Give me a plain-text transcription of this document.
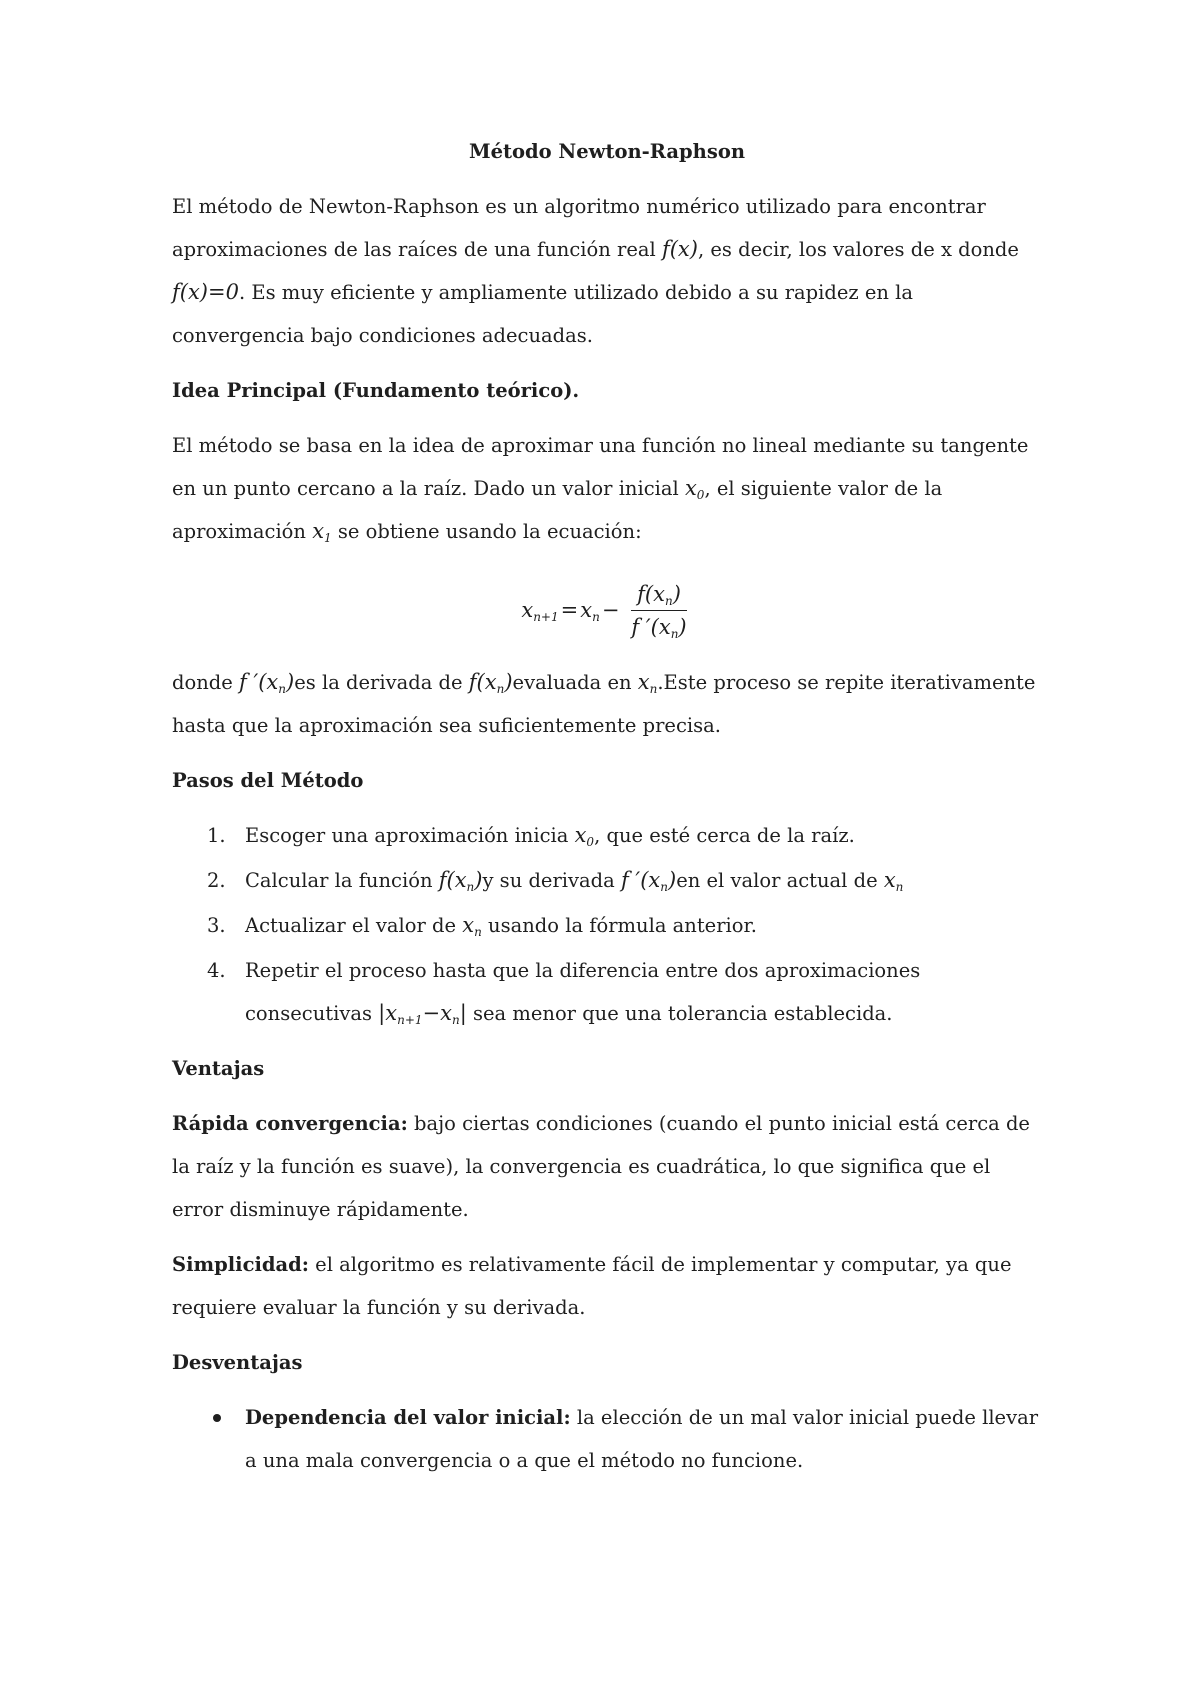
Método Newton-Raphson

El método de Newton-Raphson es un algoritmo numérico utilizado para encontrar aproximaciones de las raíces de una función real f(x), es decir, los valores de x donde f(x)=0. Es muy eficiente y ampliamente utilizado debido a su rapidez en la convergencia bajo condiciones adecuadas.

Idea Principal (Fundamento teórico).

El método se basa en la idea de aproximar una función no lineal mediante su tangente en un punto cercano a la raíz. Dado un valor inicial $x_0$, el siguiente valor de la aproximación $x_1$ se obtiene usando la ecuación:

$x_{n+1} = x_n - \frac{f(x_n)}{f '(x_n)}$

donde f $'(x_n)es$ la derivada de $f(x_n)evaluada$ en $x_n.Este$ proceso se repite iterativamente hasta que la aproximación sea suficientemente precisa.

Pasos del Método
1. Escoger una aproximación inicia $x_0$, que esté cerca de la raíz.
2. Calcular la función $f(x_n)y$ su derivada f $'(x_n)en$ el valor actual de $x_n$
3. Actualizar el valor de $x_n$ usando la fórmula anterior.
4. Repetir el proceso hasta que la diferencia entre dos aproximaciones consecutivas $|x_{n+1}-x_n|$ sea menor que una tolerancia establecida.
Ventajas

Rápida convergencia: bajo ciertas condiciones (cuando el punto inicial está cerca de la raíz y la función es suave), la convergencia es cuadrática, lo que significa que el error disminuye rápidamente.

Simplicidad: el algoritmo es relativamente fácil de implementar y computar, ya que requiere evaluar la función y su derivada.

Desventajas
Dependencia del valor inicial: la elección de un mal valor inicial puede llevar a una mala convergencia o a que el método no funcione.
